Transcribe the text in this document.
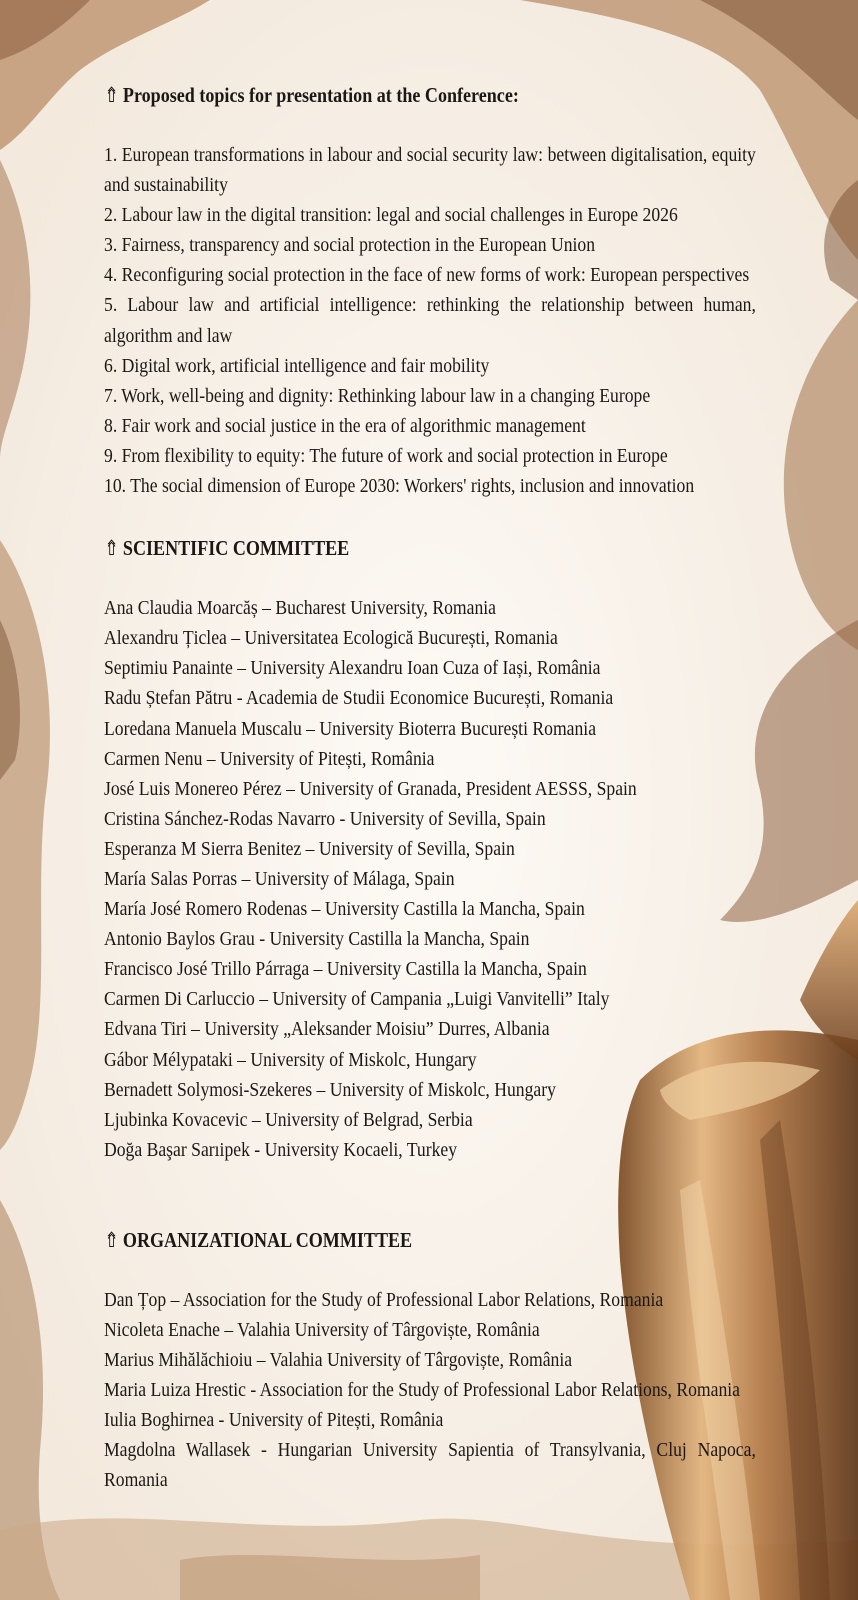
⇮ Proposed topics for presentation at the Conference:

1. European transformations in labour and social security law: between digitalisation, equity and sustainability

2. Labour law in the digital transition: legal and social challenges in Europe 2026

3. Fairness, transparency and social protection in the European Union

4. Reconfiguring social protection in the face of new forms of work: European perspectives

5. Labour law and artificial intelligence: rethinking the relationship between human, algorithm and law

6. Digital work, artificial intelligence and fair mobility

7. Work, well-being and dignity: Rethinking labour law in a changing Europe

8. Fair work and social justice in the era of algorithmic management

9. From flexibility to equity: The future of work and social protection in Europe

10. The social dimension of Europe 2030: Workers' rights, inclusion and innovation

⇮ SCIENTIFIC COMMITTEE
Ana Claudia Moarcăș – Bucharest University, Romania
Alexandru Țiclea – Universitatea Ecologică București, Romania
Septimiu Panainte – University Alexandru Ioan Cuza of Iași, România
Radu Ștefan Pătru - Academia de Studii Economice București, Romania
Loredana Manuela Muscalu – University Bioterra București Romania
Carmen Nenu – University of Pitești, România
José Luis Monereo Pérez – University of Granada, President AESSS, Spain
Cristina Sánchez-Rodas Navarro - University of Sevilla, Spain
Esperanza M Sierra Benitez – University of Sevilla, Spain
María Salas Porras – University of Málaga, Spain
María José Romero Rodenas – University Castilla la Mancha, Spain
Antonio Baylos Grau - University Castilla la Mancha, Spain
Francisco José Trillo Párraga – University Castilla la Mancha, Spain
Carmen Di Carluccio – University of Campania „Luigi Vanvitelli” Italy
Edvana Tiri – University „Aleksander Moisiu” Durres, Albania
Gábor Mélypataki – University of Miskolc, Hungary
Bernadett Solymosi-Szekeres – University of Miskolc, Hungary
Ljubinka Kovacevic – University of Belgrad, Serbia
Doğa Başar Sarıipek - University Kocaeli, Turkey
⇮ ORGANIZATIONAL COMMITTEE
Dan Țop – Association for the Study of Professional Labor Relations, Romania
Nicoleta Enache – Valahia University of Târgoviște, România
Marius Mihălăchioiu – Valahia University of Târgoviște, România
Maria Luiza Hrestic - Association for the Study of Professional Labor Relations, Romania
Iulia Boghirnea - University of Pitești, România
Magdolna Wallasek - Hungarian University Sapientia of Transylvania, Cluj Napoca, Romania
